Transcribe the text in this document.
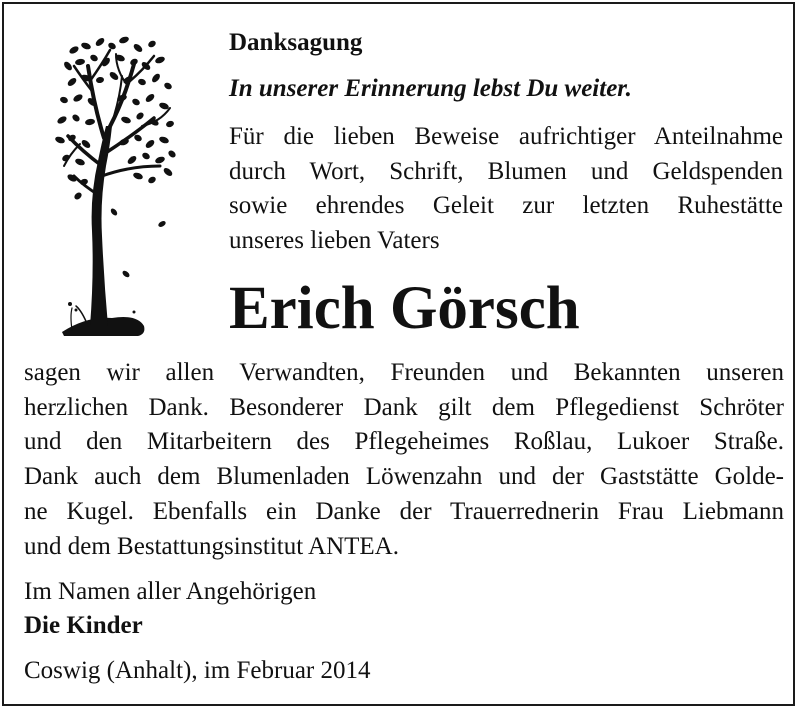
Danksagung
In unserer Erinnerung lebst Du weiter.
Für die lieben Beweise aufrichtiger Anteilnahme
durch Wort, Schrift, Blumen und Geldspenden
sowie ehrendes Geleit zur letzten Ruhestätte
unseres lieben Vaters
Erich Görsch
sagen wir allen Verwandten, Freunden und Bekannten unseren
herzlichen Dank. Besonderer Dank gilt dem Pflegedienst Schröter
und den Mitarbeitern des Pflegeheimes Roßlau, Lukoer Straße.
Dank auch dem Blumenladen Löwenzahn und der Gaststätte Golde-
ne Kugel. Ebenfalls ein Danke der Trauerrednerin Frau Liebmann
und dem Bestattungsinstitut ANTEA.
Im Namen aller Angehörigen
Die Kinder
Coswig (Anhalt), im Februar 2014
